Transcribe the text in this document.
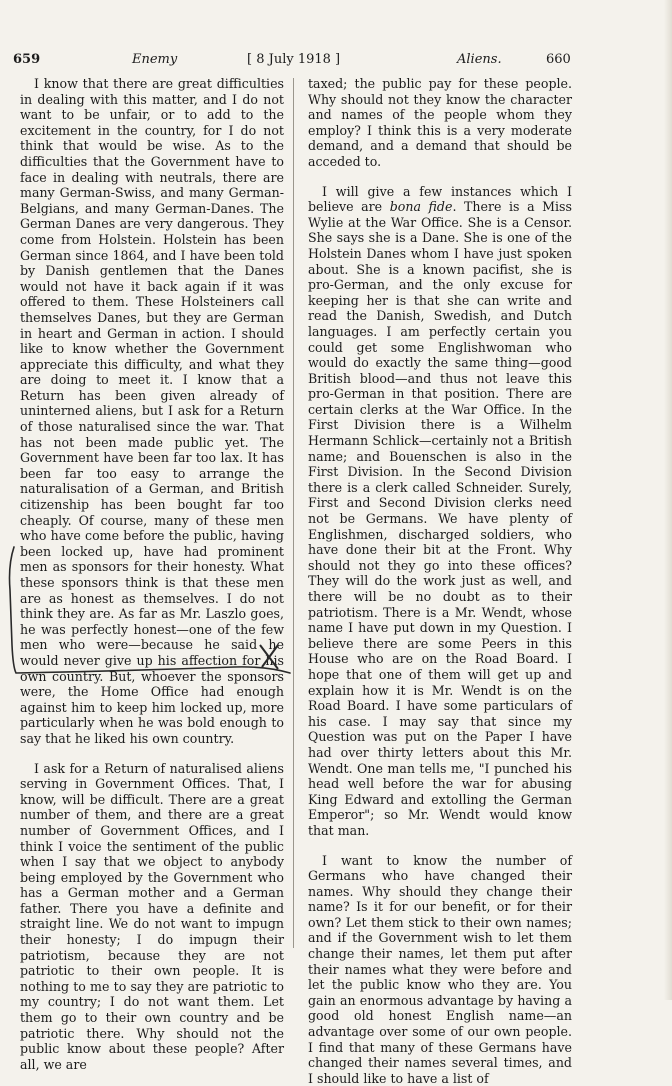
659	Enemy	[ 8 July 1918 ]	Aliens.	660

I know that there are great difficulties in dealing with this matter, and I do not want to be unfair, or to add to the excitement in the country, for I do not think that would be wise. As to the difficulties that the Government have to face in dealing with neutrals, there are many German-Swiss, and many German-Belgians, and many German-Danes. The German Danes are very dangerous. They come from Holstein. Holstein has been German since 1864, and I have been told by Danish gentlemen that the Danes would not have it back again if it was offered to them. These Holsteiners call themselves Danes, but they are German in heart and German in action. I should like to know whether the Government appreciate this difficulty, and what they are doing to meet it. I know that a Return has been given already of uninterned aliens, but I ask for a Return of those naturalised since the war. That has not been made public yet. The Government have been far too lax. It has been far too easy to arrange the naturalisation of a German, and British citizenship has been bought far too cheaply. Of course, many of these men who have come before the public, having been locked up, have had prominent men as sponsors for their honesty. What these sponsors think is that these men are as honest as themselves. I do not think they are. As far as Mr. Laszlo goes, he was perfectly honest—one of the few men who were—because he said he would never give up his affection for his own country. But, whoever the sponsors were, the Home Office had enough against him to keep him locked up, more particularly when he was bold enough to say that he liked his own country.

I ask for a Return of naturalised aliens serving in Government Offices. That, I know, will be difficult. There are a great number of them, and there are a great number of Government Offices, and I think I voice the sentiment of the public when I say that we object to anybody being employed by the Government who has a German mother and a German father. There you have a definite and straight line. We do not want to impugn their honesty; I do impugn their patriotism, because they are not patriotic to their own people. It is nothing to me to say they are patriotic to my country; I do not want them. Let them go to their own country and be patriotic there. Why should not the public know about these people? After all, we are

taxed; the public pay for these people. Why should not they know the character and names of the people whom they employ? I think this is a very moderate demand, and a demand that should be acceded to.

I will give a few instances which I believe are bona fide. There is a Miss Wylie at the War Office. She is a Censor. She says she is a Dane. She is one of the Holstein Danes whom I have just spoken about. She is a known pacifist, she is pro-German, and the only excuse for keeping her is that she can write and read the Danish, Swedish, and Dutch languages. I am perfectly certain you could get some Englishwoman who would do exactly the same thing—good British blood—and thus not leave this pro-German in that position. There are certain clerks at the War Office. In the First Division there is a Wilhelm Hermann Schlick—certainly not a British name; and Bouenschen is also in the First Division. In the Second Division there is a clerk called Schneider. Surely, First and Second Division clerks need not be Germans. We have plenty of Englishmen, discharged soldiers, who have done their bit at the Front. Why should not they go into these offices? They will do the work just as well, and there will be no doubt as to their patriotism. There is a Mr. Wendt, whose name I have put down in my Question. I believe there are some Peers in this House who are on the Road Board. I hope that one of them will get up and explain how it is Mr. Wendt is on the Road Board. I have some particulars of his case. I may say that since my Question was put on the Paper I have had over thirty letters about this Mr. Wendt. One man tells me, "I punched his head well before the war for abusing King Edward and extolling the German Emperor"; so Mr. Wendt would know that man.

I want to know the number of Germans who have changed their names. Why should they change their name? Is it for our benefit, or for their own? Let them stick to their own names; and if the Government wish to let them change their names, let them put after their names what they were before and let the public know who they are. You gain an enormous advantage by having a good old honest English name—an advantage over some of our own people. I find that many of these Germans have changed their names several times, and I should like to have a list of
